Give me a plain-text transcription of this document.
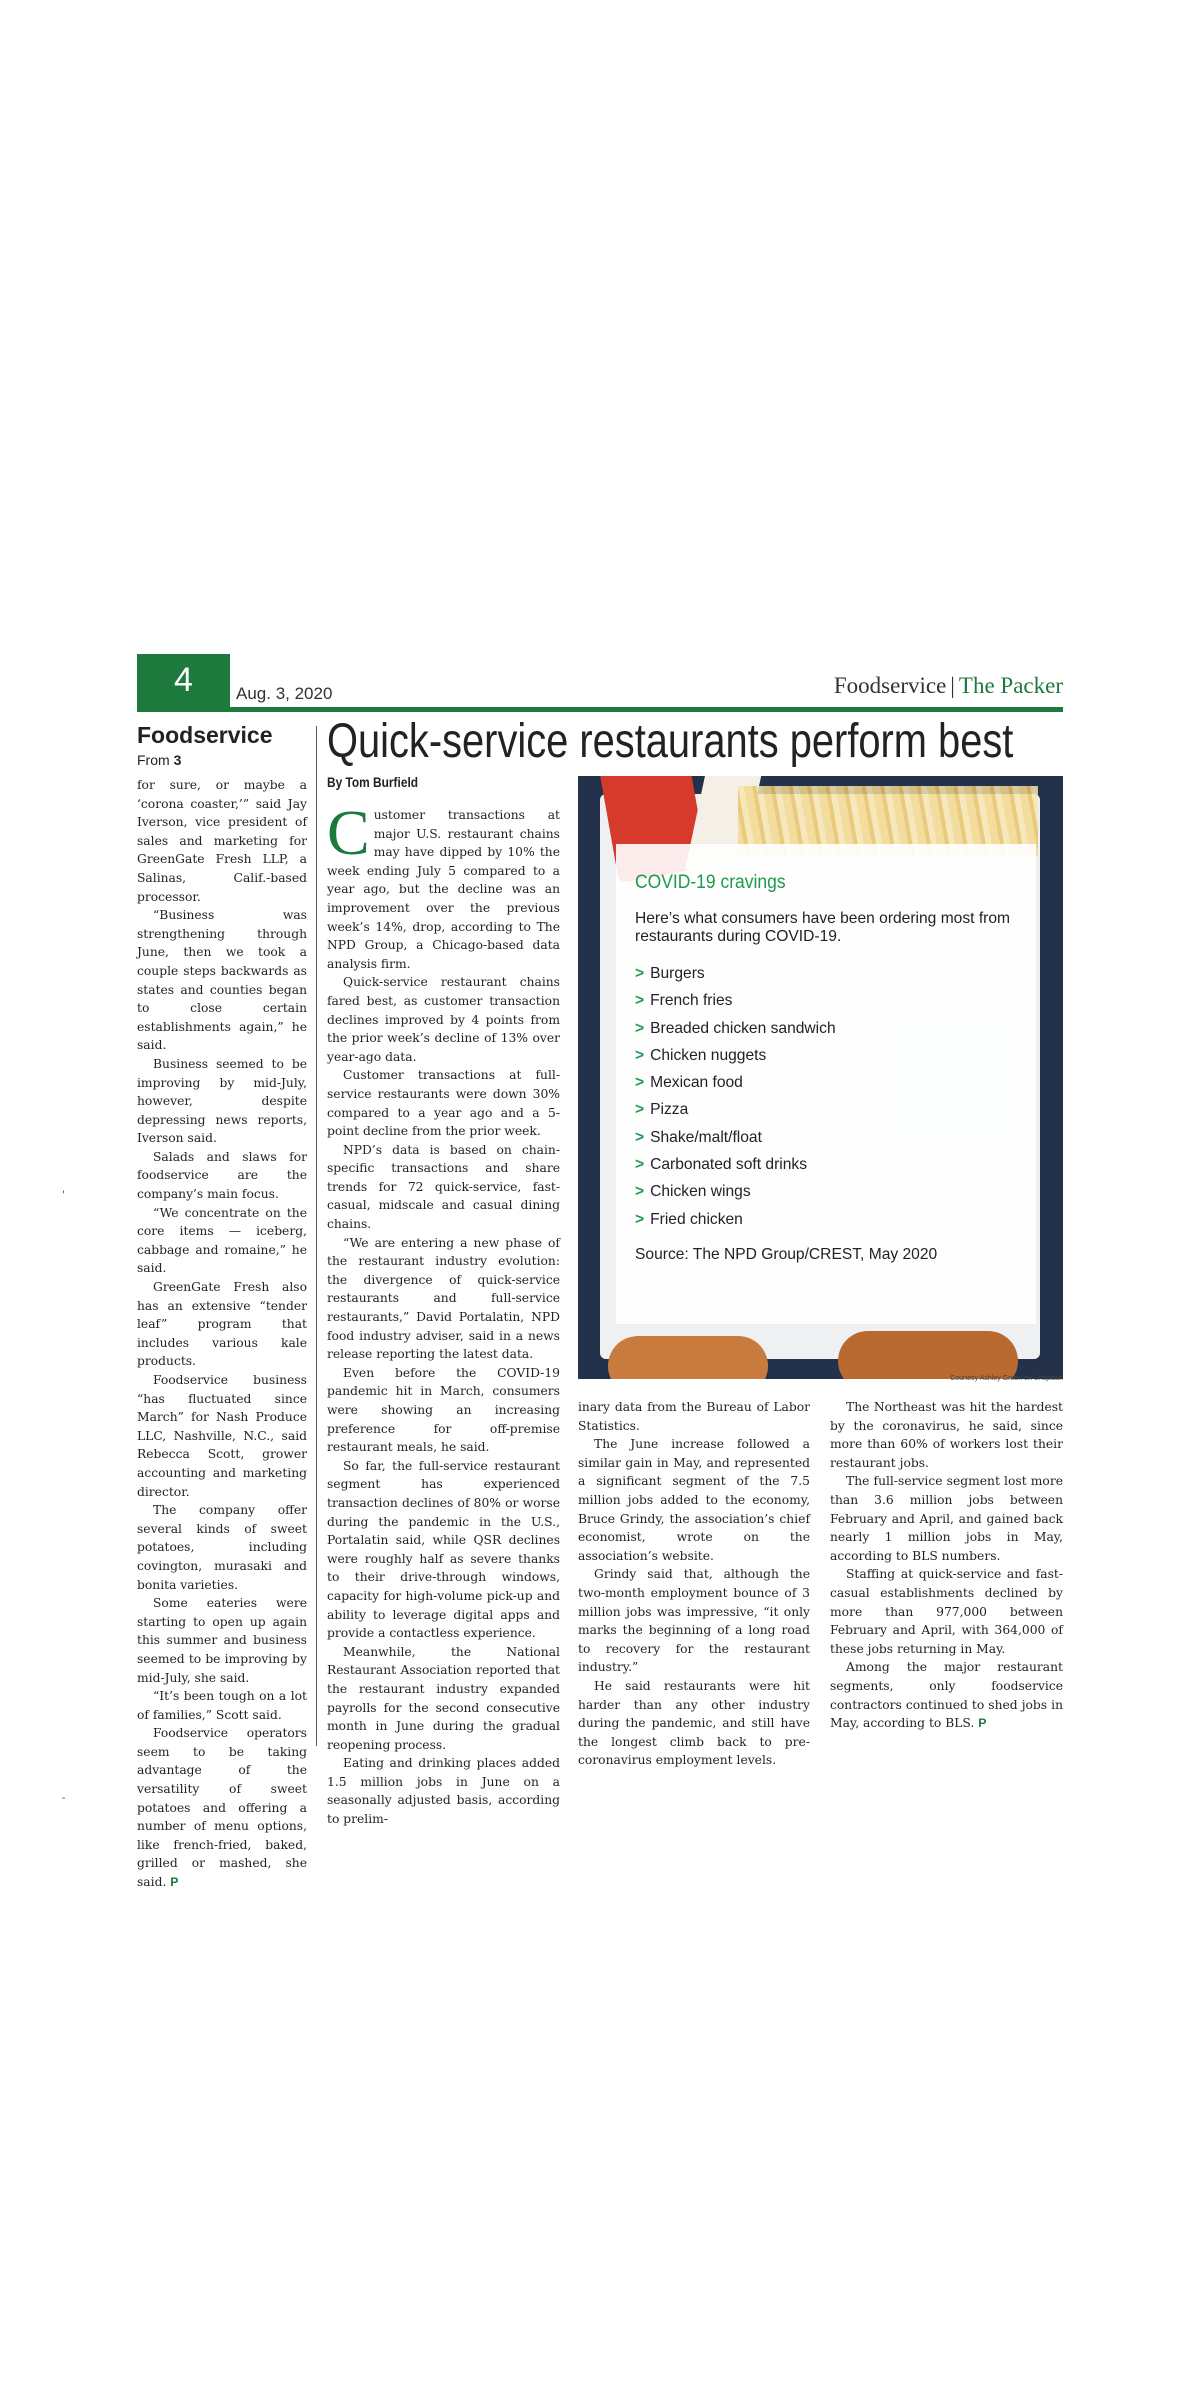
4	Aug. 3, 2020	Foodservice | The Packer
Foodservice
From 3

for sure, or maybe a ‘corona coaster,’” said Jay Iverson, vice president of sales and marketing for GreenGate Fresh LLP, a Salinas, Calif.-based processor.

“Business was strengthening through June, then we took a couple steps backwards as states and counties began to close certain establishments again,” he said.

Business seemed to be improving by mid-July, however, despite depressing news reports, Iverson said.

Salads and slaws for foodservice are the company’s main focus.

“We concentrate on the core items — iceberg, cabbage and romaine,” he said.

GreenGate Fresh also has an extensive “tender leaf” program that includes various kale products.

Foodservice business “has fluctuated since March” for Nash Produce LLC, Nashville, N.C., said Rebecca Scott, grower accounting and marketing director.

The company offer several kinds of sweet potatoes, including covington, murasaki and bonita varieties.

Some eateries were starting to open up again this summer and business seemed to be improving by mid-July, she said.

“It’s been tough on a lot of families,” Scott said.

Foodservice operators seem to be taking advantage of the versatility of sweet potatoes and offering a number of menu options, like french-fried, baked, grilled or mashed, she said. P

Quick-service restaurants perform best
By Tom Burfield

Customer transactions at major U.S. restaurant chains may have dipped by 10% the week ending July 5 compared to a year ago, but the decline was an improvement over the previous week’s 14%, drop, according to The NPD Group, a Chicago-based data analysis firm.

Quick-service restaurant chains fared best, as customer transaction declines improved by 4 points from the prior week’s decline of 13% over year-ago data.

Customer transactions at full-service restaurants were down 30% compared to a year ago and a 5-point decline from the prior week.

NPD’s data is based on chain-specific transactions and share trends for 72 quick-service, fast-casual, midscale and casual dining chains.

“We are entering a new phase of the restaurant industry evolution: the divergence of quick-service restaurants and full-service restaurants,” David Portalatin, NPD food industry adviser, said in a news release reporting the latest data.

Even before the COVID-19 pandemic hit in March, consumers were showing an increasing preference for off-premise restaurant meals, he said.

So far, the full-service restaurant segment has experienced transaction declines of 80% or worse during the pandemic in the U.S., Portalatin said, while QSR declines were roughly half as severe thanks to their drive-through windows, capacity for high-volume pick-up and ability to leverage digital apps and provide a contactless experience.

Meanwhile, the National Restaurant Association reported that the restaurant industry expanded payrolls for the second consecutive month in June during the gradual reopening process.

Eating and drinking places added 1.5 million jobs in June on a seasonally adjusted basis, according to prelim-

COVID-19 cravings
Here’s what consumers have been ordering most from restaurants during COVID-19.
> Burgers
> French fries
> Breaded chicken sandwich
> Chicken nuggets
> Mexican food
> Pizza
> Shake/malt/float
> Carbonated soft drinks
> Chicken wings
> Fried chicken
Source: The NPD Group/CREST, May 2020
Courtesy Ashley Green on Unsplash

inary data from the Bureau of Labor Statistics.

The June increase followed a similar gain in May, and represented a significant segment of the 7.5 million jobs added to the economy, Bruce Grindy, the association’s chief economist, wrote on the association’s website.

Grindy said that, although the two-month employment bounce of 3 million jobs was impressive, “it only marks the beginning of a long road to recovery for the restaurant industry.”

He said restaurants were hit harder than any other industry during the pandemic, and still have the longest climb back to pre-coronavirus employment levels.

The Northeast was hit the hardest by the coronavirus, he said, since more than 60% of workers lost their restaurant jobs.

The full-service segment lost more than 3.6 million jobs between February and April, and gained back nearly 1 million jobs in May, according to BLS numbers.

Staffing at quick-service and fast-casual establishments declined by more than 977,000 between February and April, with 364,000 of these jobs returning in May.

Among the major restaurant segments, only foodservice contractors continued to shed jobs in May, according to BLS. P

'
-
